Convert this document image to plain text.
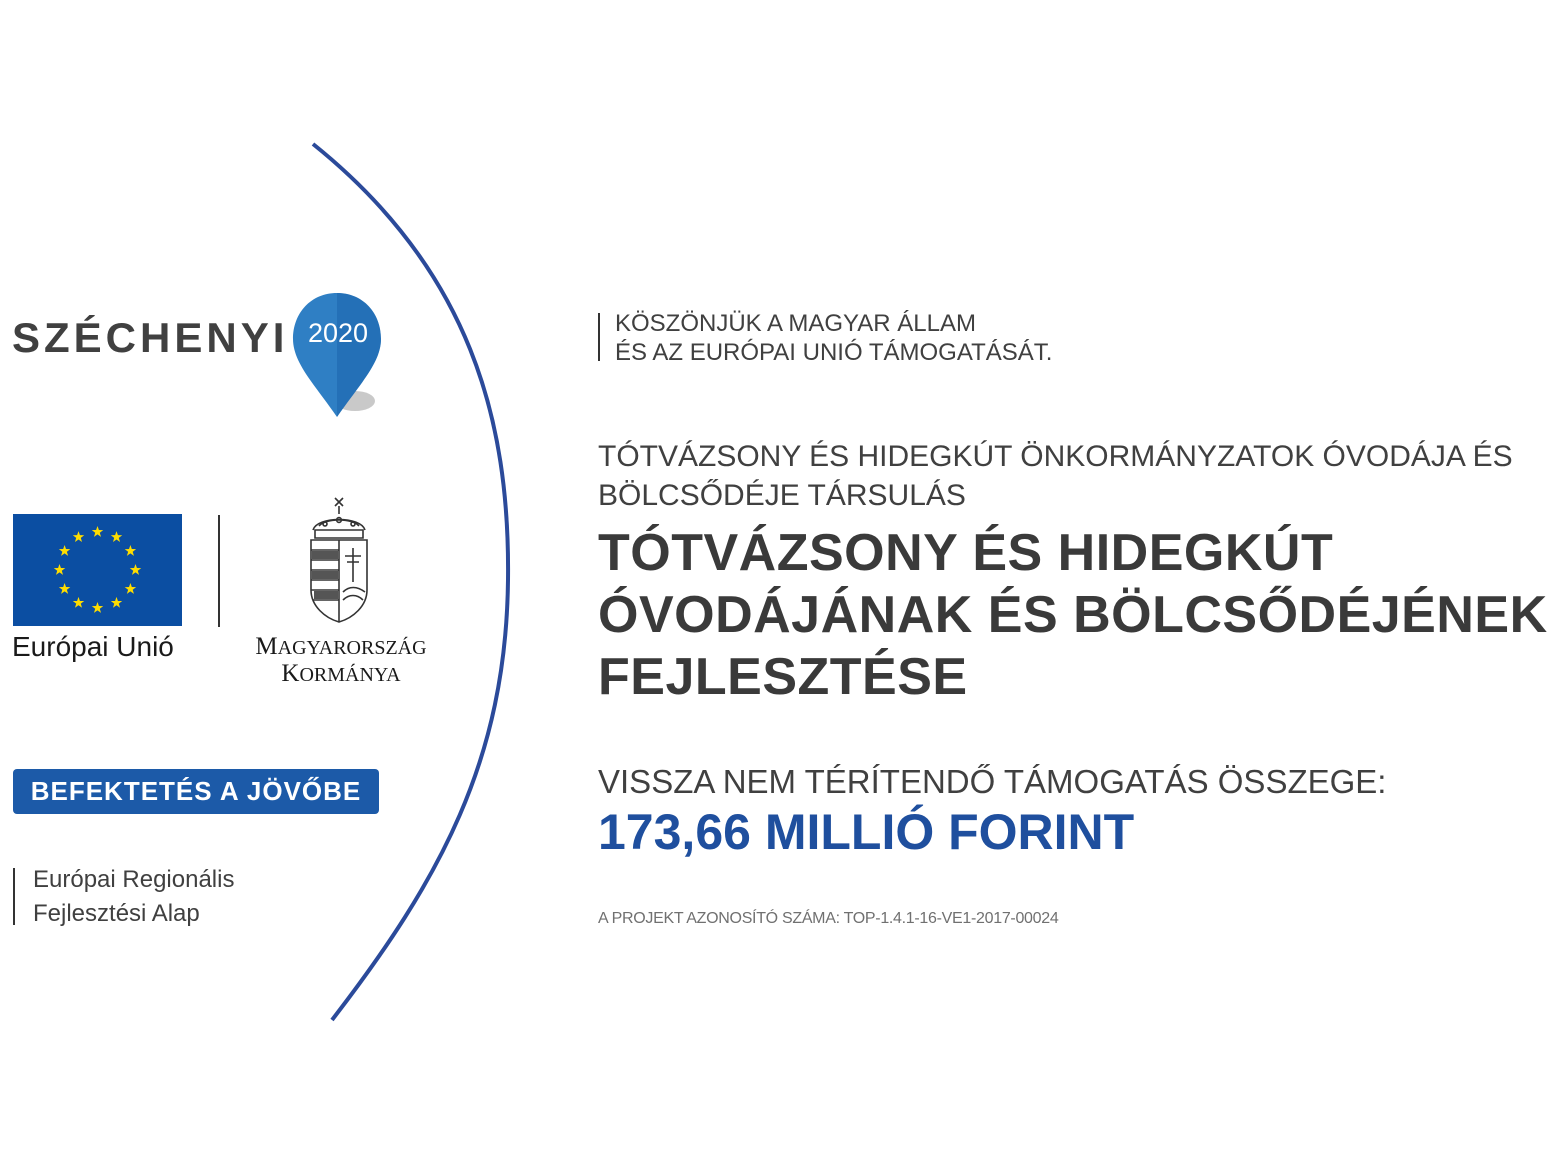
SZÉCHENYI 2020
Európai Unió	MAGYARORSZÁG
KORMÁNYA
BEFEKTETÉS A JÖVŐBE
Európai Regionális
Fejlesztési Alap
KÖSZÖNJÜK A MAGYAR ÁLLAM
ÉS AZ EURÓPAI UNIÓ TÁMOGATÁSÁT.
TÓTVÁZSONY ÉS HIDEGKÚT ÖNKORMÁNYZATOK ÓVODÁJA ÉS
BÖLCSŐDÉJE TÁRSULÁS
TÓTVÁZSONY ÉS HIDEGKÚT
ÓVODÁJÁNAK ÉS BÖLCSŐDÉJÉNEK
FEJLESZTÉSE
VISSZA NEM TÉRÍTENDŐ TÁMOGATÁS ÖSSZEGE:
173,66 MILLIÓ FORINT
A PROJEKT AZONOSÍTÓ SZÁMA: TOP-1.4.1-16-VE1-2017-00024
